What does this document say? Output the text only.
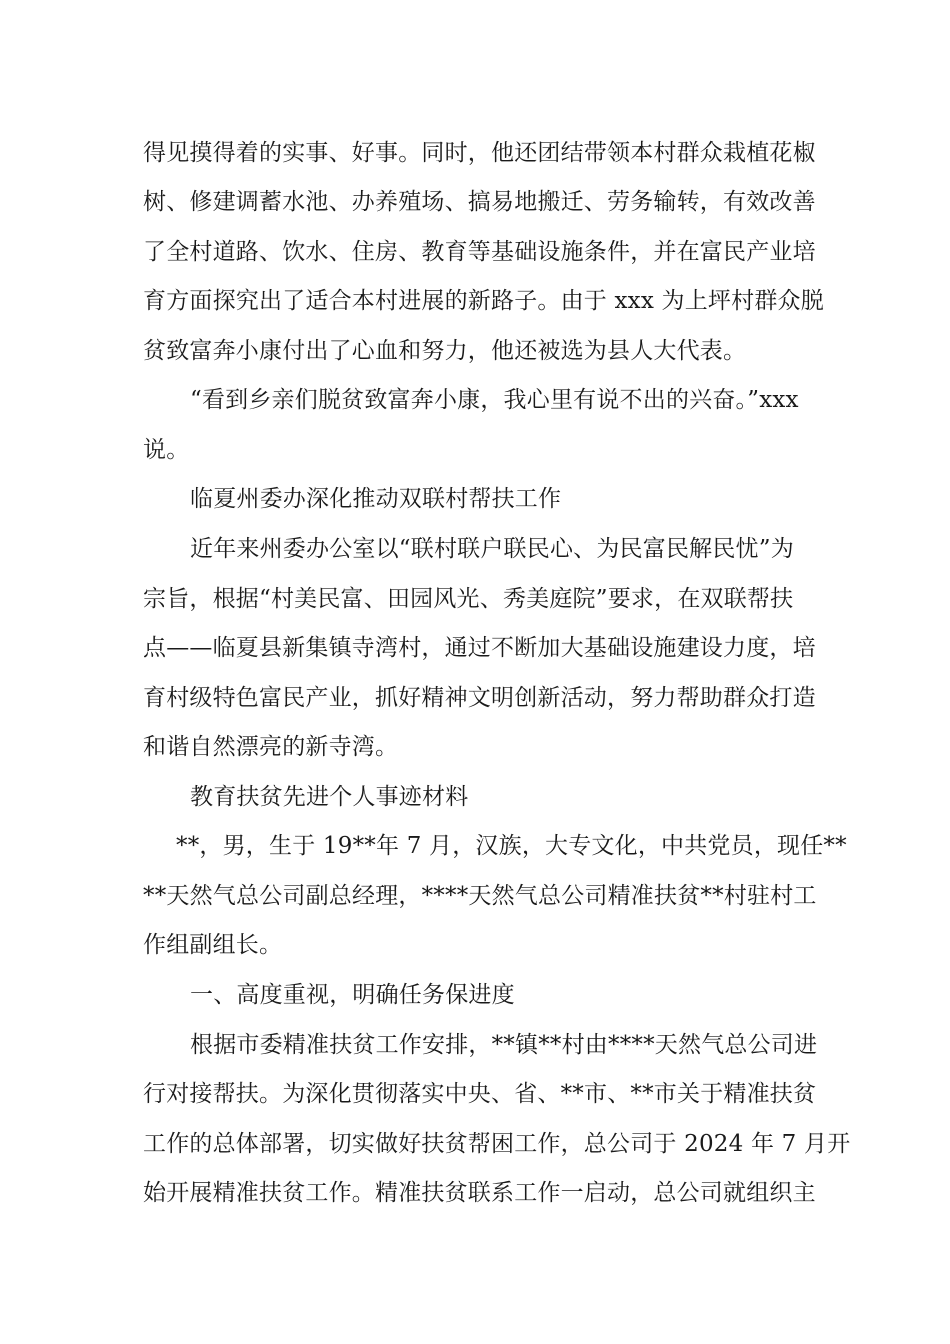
得见摸得着的实事、好事。同时，他还团结带领本村群众栽植花椒
树、修建调蓄水池、办养殖场、搞易地搬迁、劳务输转，有效改善
了全村道路、饮水、住房、教育等基础设施条件，并在富民产业培
育方面探究出了适合本村进展的新路子。由于 xxx 为上坪村群众脱
贫致富奔小康付出了心血和努力，他还被选为县人大代表。
“看到乡亲们脱贫致富奔小康，我心里有说不出的兴奋。”xxx
说。
临夏州委办深化推动双联村帮扶工作
近年来州委办公室以“联村联户联民心、为民富民解民忧”为
宗旨，根据“村美民富、田园风光、秀美庭院”要求，在双联帮扶
点——临夏县新集镇寺湾村，通过不断加大基础设施建设力度，培
育村级特色富民产业，抓好精神文明创新活动，努力帮助群众打造
和谐自然漂亮的新寺湾。
教育扶贫先进个人事迹材料
**，男，生于 19**年 7 月，汉族，大专文化，中共党员，现任**
**天然气总公司副总经理，****天然气总公司精准扶贫**村驻村工
作组副组长。
一、高度重视，明确任务保进度
根据市委精准扶贫工作安排，**镇**村由****天然气总公司进
行对接帮扶。为深化贯彻落实中央、省、**市、**市关于精准扶贫
工作的总体部署，切实做好扶贫帮困工作，总公司于 2024 年 7 月开
始开展精准扶贫工作。精准扶贫联系工作一启动，总公司就组织主
